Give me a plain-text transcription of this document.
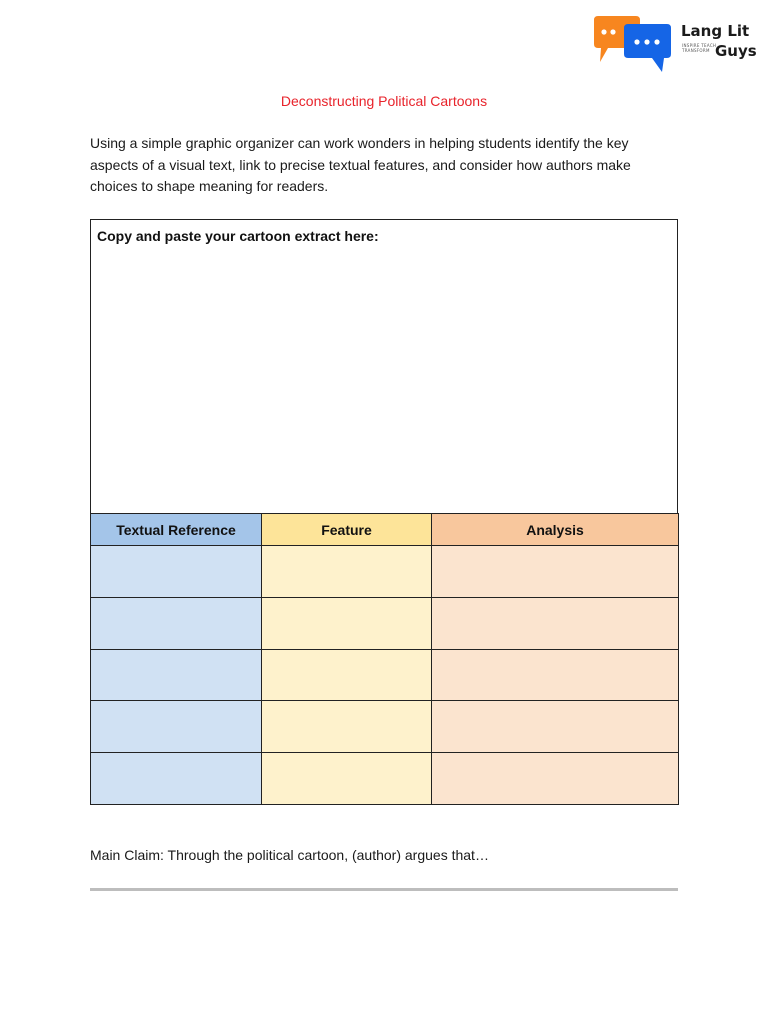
Lang Lit
INSPIRE TEACH TRANSFORM Guys
Deconstructing Political Cartoons
Using a simple graphic organizer can work wonders in helping students identify the key aspects of a visual text, link to precise textual features, and consider how authors make choices to shape meaning for readers.
Copy and paste your cartoon extract here:
Textual Reference	Feature	Analysis

Main Claim: Through the political cartoon, (author) argues that…
